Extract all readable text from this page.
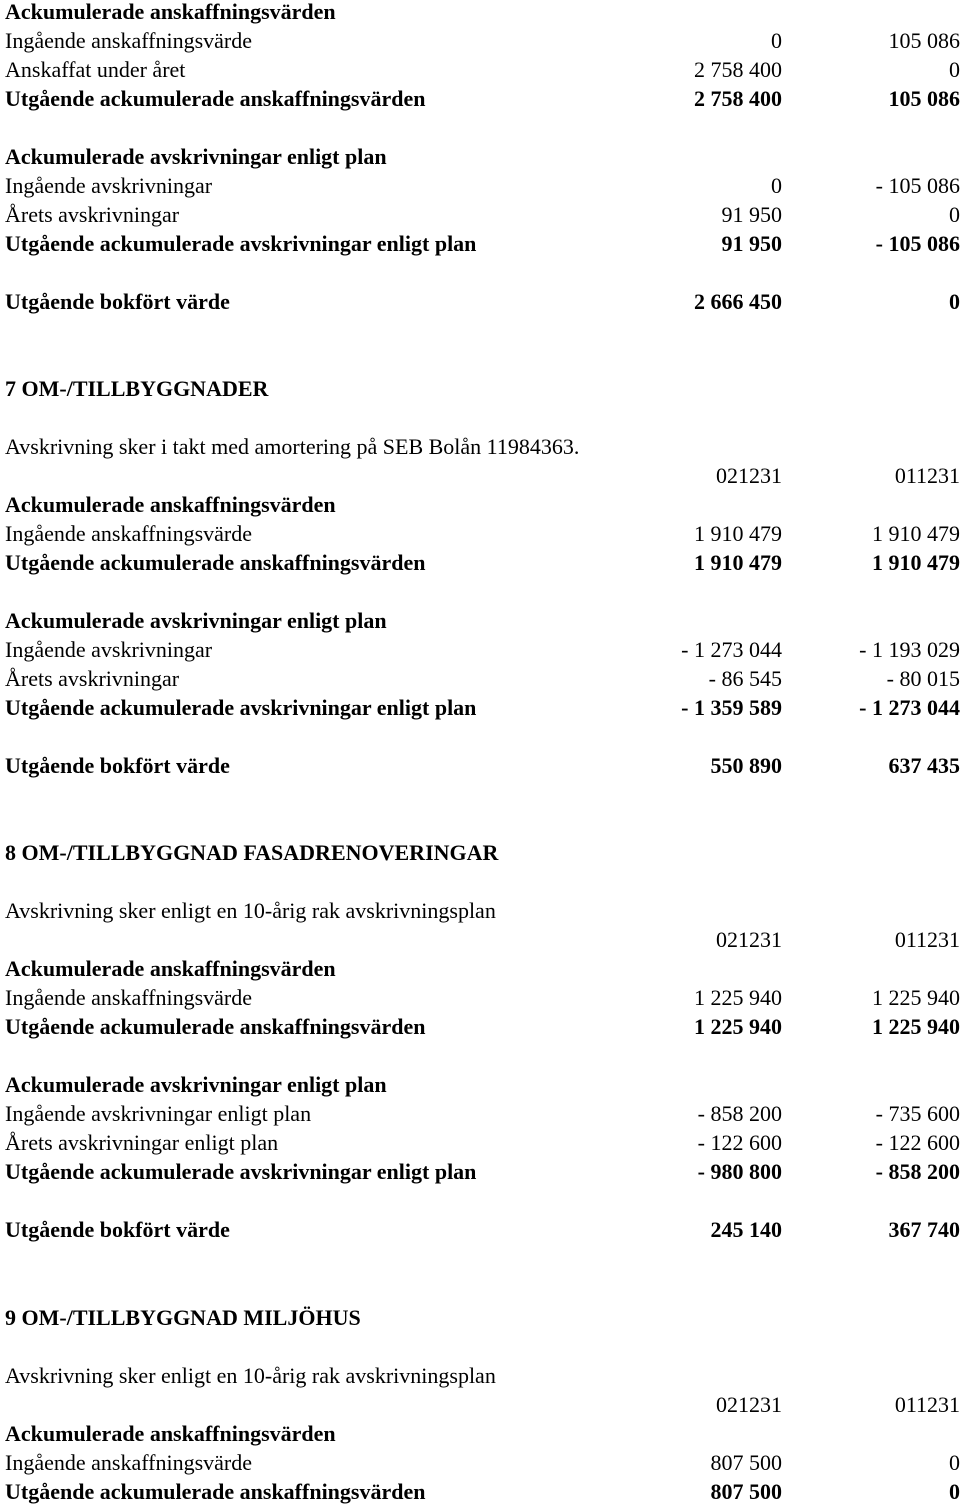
Ackumulerade anskaffningsvärden
Ingående anskaffningsvärde	0	105 086
Anskaffat under året	2 758 400	0
Utgående ackumulerade anskaffningsvärden	2 758 400	105 086
Ackumulerade avskrivningar enligt plan
Ingående avskrivningar	0	- 105 086
Årets avskrivningar	91 950	0
Utgående ackumulerade avskrivningar enligt plan	91 950	- 105 086
Utgående bokfört värde	2 666 450	0
7 OM-/TILLBYGGNADER
Avskrivning sker i takt med amortering på SEB Bolån 11984363.
021231	011231
Ackumulerade anskaffningsvärden
Ingående anskaffningsvärde	1 910 479	1 910 479
Utgående ackumulerade anskaffningsvärden	1 910 479	1 910 479
Ackumulerade avskrivningar enligt plan
Ingående avskrivningar	- 1 273 044	- 1 193 029
Årets avskrivningar	- 86 545	- 80 015
Utgående ackumulerade avskrivningar enligt plan	- 1 359 589	- 1 273 044
Utgående bokfört värde	550 890	637 435
8 OM-/TILLBYGGNAD FASADRENOVERINGAR
Avskrivning sker enligt en 10-årig rak avskrivningsplan
021231	011231
Ackumulerade anskaffningsvärden
Ingående anskaffningsvärde	1 225 940	1 225 940
Utgående ackumulerade anskaffningsvärden	1 225 940	1 225 940
Ackumulerade avskrivningar enligt plan
Ingående avskrivningar enligt plan	- 858 200	- 735 600
Årets avskrivningar enligt plan	- 122 600	- 122 600
Utgående ackumulerade avskrivningar enligt plan	- 980 800	- 858 200
Utgående bokfört värde	245 140	367 740
9 OM-/TILLBYGGNAD MILJÖHUS
Avskrivning sker enligt en 10-årig rak avskrivningsplan
021231	011231
Ackumulerade anskaffningsvärden
Ingående anskaffningsvärde	807 500	0
Utgående ackumulerade anskaffningsvärden	807 500	0
